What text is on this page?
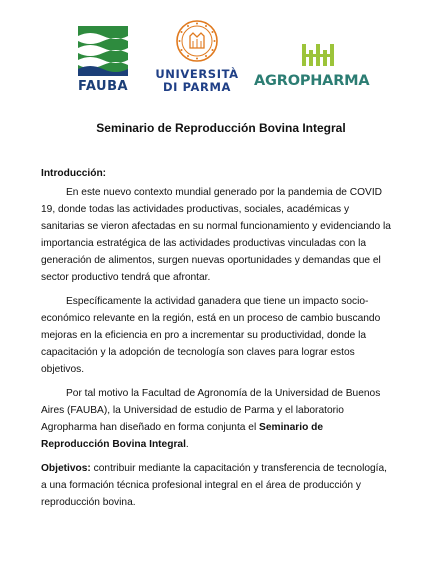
FAUBA
UNIVERSITÀ
DI PARMA	AGROPHARMA
Seminario de Reproducción Bovina Integral
Introducción:

En este nuevo contexto mundial generado por la pandemia de COVID 19, donde todas las actividades productivas, sociales, académicas y sanitarias se vieron afectadas en su normal funcionamiento y evidenciando la importancia estratégica de las actividades productivas vinculadas con la generación de alimentos, surgen nuevas oportunidades y demandas que el sector productivo tendrá que afrontar.

Específicamente la actividad ganadera que tiene un impacto socio-económico relevante en la región, está en un proceso de cambio buscando mejoras en la eficiencia en pro a incrementar su productividad, donde la capacitación y la adopción de tecnología son claves para lograr estos objetivos.

Por tal motivo la Facultad de Agronomía de la Universidad de Buenos Aires (FAUBA), la Universidad de estudio de Parma y el laboratorio Agropharma han diseñado en forma conjunta el Seminario de Reproducción Bovina Integral.

Objetivos: contribuir mediante la capacitación y transferencia de tecnología, a una formación técnica profesional integral en el área de producción y reproducción bovina.
